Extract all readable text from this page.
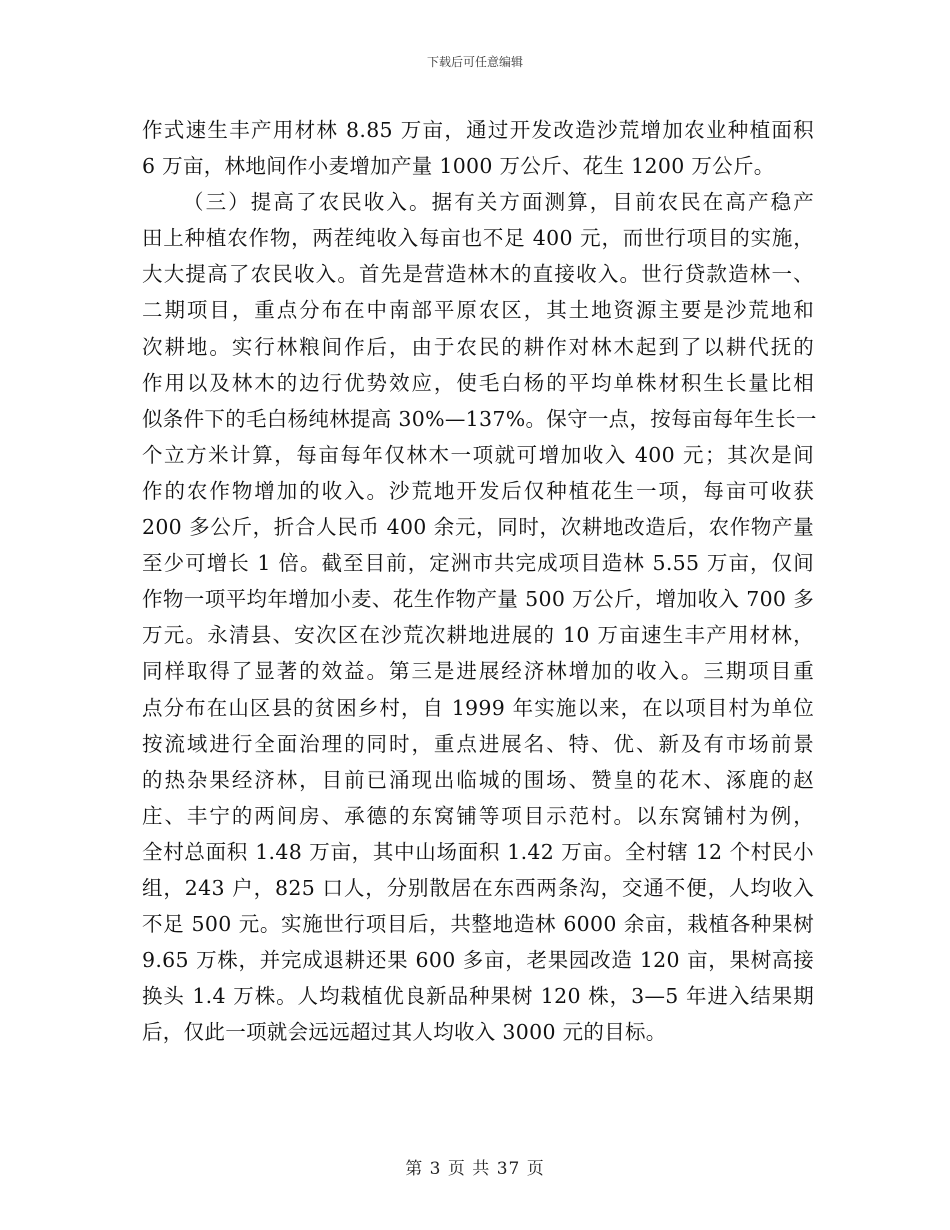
下载后可任意编辑
作式速生丰产用材林 8.85 万亩，通过开发改造沙荒增加农业种植面积
6 万亩，林地间作小麦增加产量 1000 万公斤、花生 1200 万公斤。
（三）提高了农民收入。据有关方面测算，目前农民在高产稳产
田上种植农作物，两茬纯收入每亩也不足 400 元，而世行项目的实施，
大大提高了农民收入。首先是营造林木的直接收入。世行贷款造林一、
二期项目，重点分布在中南部平原农区，其土地资源主要是沙荒地和
次耕地。实行林粮间作后，由于农民的耕作对林木起到了以耕代抚的
作用以及林木的边行优势效应，使毛白杨的平均单株材积生长量比相
似条件下的毛白杨纯林提高 30%—137%。保守一点，按每亩每年生长一
个立方米计算，每亩每年仅林木一项就可增加收入 400 元；其次是间
作的农作物增加的收入。沙荒地开发后仅种植花生一项，每亩可收获
200 多公斤，折合人民币 400 余元，同时，次耕地改造后，农作物产量
至少可增长 1 倍。截至目前，定洲市共完成项目造林 5.55 万亩，仅间
作物一项平均年增加小麦、花生作物产量 500 万公斤，增加收入 700 多
万元。永清县、安次区在沙荒次耕地进展的 10 万亩速生丰产用材林，
同样取得了显著的效益。第三是进展经济林增加的收入。三期项目重
点分布在山区县的贫困乡村，自 1999 年实施以来，在以项目村为单位
按流域进行全面治理的同时，重点进展名、特、优、新及有市场前景
的热杂果经济林，目前已涌现出临城的围场、赞皇的花木、涿鹿的赵
庄、丰宁的两间房、承德的东窝铺等项目示范村。以东窝铺村为例，
全村总面积 1.48 万亩，其中山场面积 1.42 万亩。全村辖 12 个村民小
组，243 户，825 口人，分别散居在东西两条沟，交通不便，人均收入
不足 500 元。实施世行项目后，共整地造林 6000 余亩，栽植各种果树
9.65 万株，并完成退耕还果 600 多亩，老果园改造 120 亩，果树高接
换头 1.4 万株。人均栽植优良新品种果树 120 株，3—5 年进入结果期
后，仅此一项就会远远超过其人均收入 3000 元的目标。
第 3 页 共 37 页
